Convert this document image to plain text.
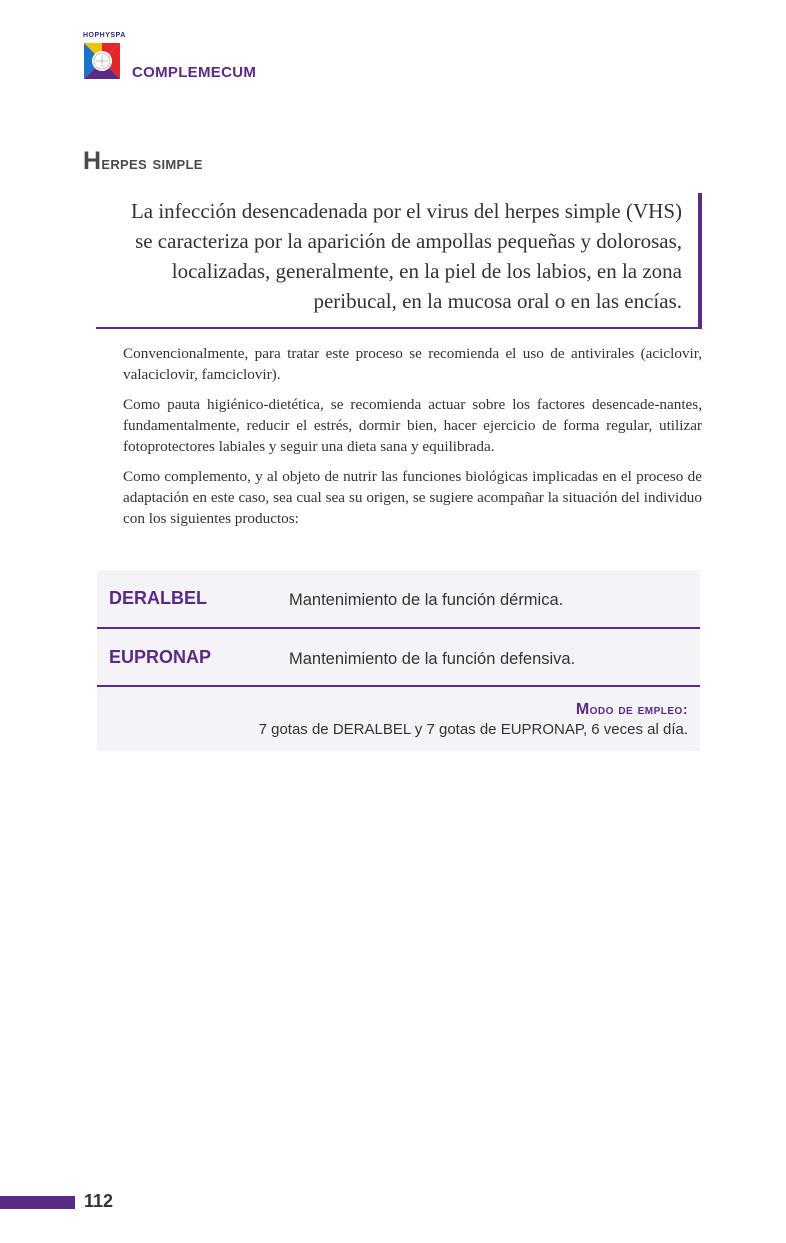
HOPHYSPA
COMPLEMECUM
Herpes simple
La infección desencadenada por el virus del herpes simple (VHS)
se caracteriza por la aparición de ampollas pequeñas y dolorosas,
localizadas, generalmente, en la piel de los labios, en la zona
peribucal, en la mucosa oral o en las encías.

Convencionalmente, para tratar este proceso se recomienda el uso de antivirales (aciclovir, valaciclovir, famciclovir).

Como pauta higiénico-dietética, se recomienda actuar sobre los factores desencade-nantes, fundamentalmente, reducir el estrés, dormir bien, hacer ejercicio de forma regular, utilizar fotoprotectores labiales y seguir una dieta sana y equilibrada.

Como complemento, y al objeto de nutrir las funciones biológicas implicadas en el proceso de adaptación en este caso, sea cual sea su origen, se sugiere acompañar la situación del individuo con los siguientes productos:

DERALBEL	Mantenimiento de la función dérmica.
EUPRONAP	Mantenimiento de la función defensiva.
Modo de empleo:
7 gotas de DERALBEL y 7 gotas de EUPRONAP, 6 veces al día.
112
